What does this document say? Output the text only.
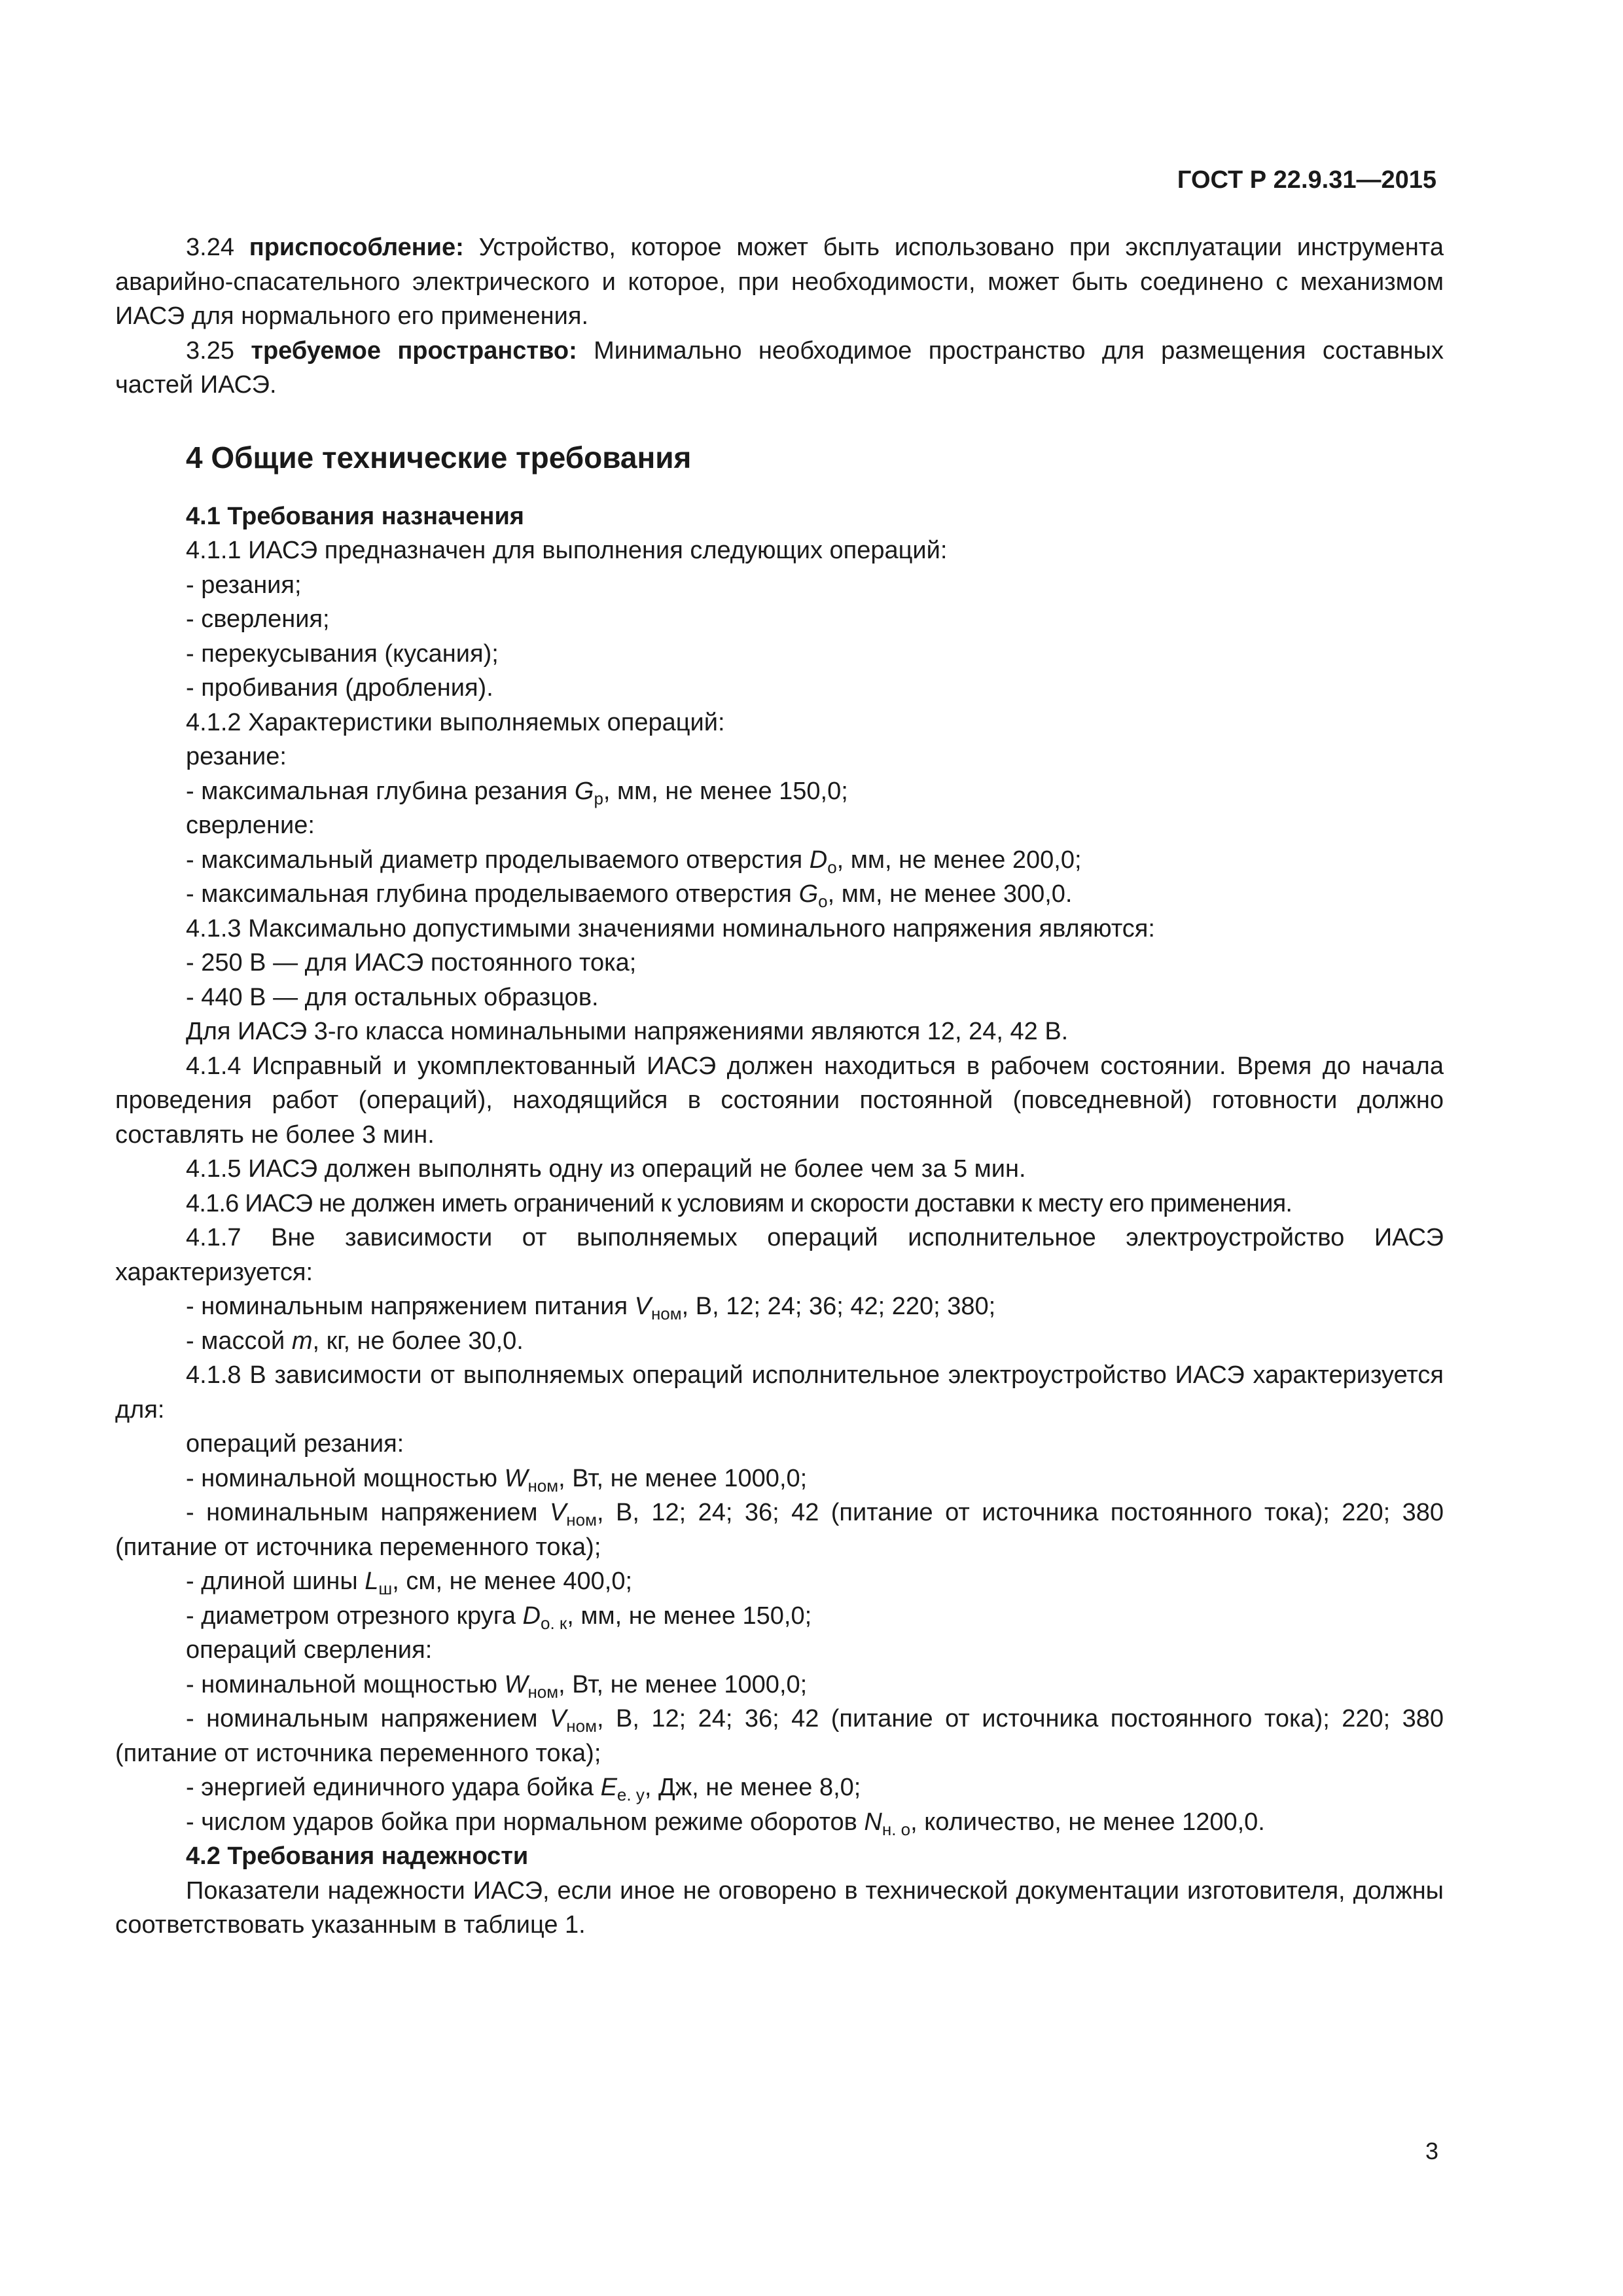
ГОСТ Р 22.9.31—2015

3.24 приспособление: Устройство, которое может быть использовано при эксплуатации инструмента аварийно-спасательного электрического и которое, при необходимости, может быть соединено с механизмом ИАСЭ для нормального его применения.

3.25 требуемое пространство: Минимально необходимое пространство для размещения составных частей ИАСЭ.

4 Общие технические требования
4.1 Требования назначения

4.1.1 ИАСЭ предназначен для выполнения следующих операций:

- резания;

- сверления;

- перекусывания (кусания);

- пробивания (дробления).

4.1.2 Характеристики выполняемых операций:

резание:

- максимальная глубина резания $G_р$, мм, не менее 150,0;

сверление:

- максимальный диаметр проделываемого отверстия $D_о$, мм, не менее 200,0;

- максимальная глубина проделываемого отверстия $G_о$, мм, не менее 300,0.

4.1.3 Максимально допустимыми значениями номинального напряжения являются:

- 250 В — для ИАСЭ постоянного тока;

- 440 В — для остальных образцов.

Для ИАСЭ 3-го класса номинальными напряжениями являются 12, 24, 42 В.

4.1.4 Исправный и укомплектованный ИАСЭ должен находиться в рабочем состоянии. Время до начала проведения работ (операций), находящийся в состоянии постоянной (повседневной) готовности должно составлять не более 3 мин.

4.1.5 ИАСЭ должен выполнять одну из операций не более чем за 5 мин.

4.1.6 ИАСЭ не должен иметь ограничений к условиям и скорости доставки к месту его применения.

4.1.7 Вне зависимости от выполняемых операций исполнительное электроустройство ИАСЭ характеризуется:

- номинальным напряжением питания $V_{ном}$, В, 12; 24; 36; 42; 220; 380;

- массой m, кг, не более 30,0.

4.1.8 В зависимости от выполняемых операций исполнительное электроустройство ИАСЭ характеризуется для:

операций резания:

- номинальной мощностью $W_{ном}$, Вт, не менее 1000,0;

- номинальным напряжением $V_{ном}$, В, 12; 24; 36; 42 (питание от источника постоянного тока); 220; 380 (питание от источника переменного тока);

- длиной шины $L_ш$, см, не менее 400,0;

- диаметром отрезного круга $D_{о. к}$, мм, не менее 150,0;

операций сверления:

- номинальной мощностью $W_{ном}$, Вт, не менее 1000,0;

- номинальным напряжением $V_{ном}$, В, 12; 24; 36; 42 (питание от источника постоянного тока); 220; 380 (питание от источника переменного тока);

- энергией единичного удара бойка $E_{е. у}$, Дж, не менее 8,0;

- числом ударов бойка при нормальном режиме оборотов $N_{н. о}$, количество, не менее 1200,0.

4.2 Требования надежности

Показатели надежности ИАСЭ, если иное не оговорено в технической документации изготовителя, должны соответствовать указанным в таблице 1.

3
